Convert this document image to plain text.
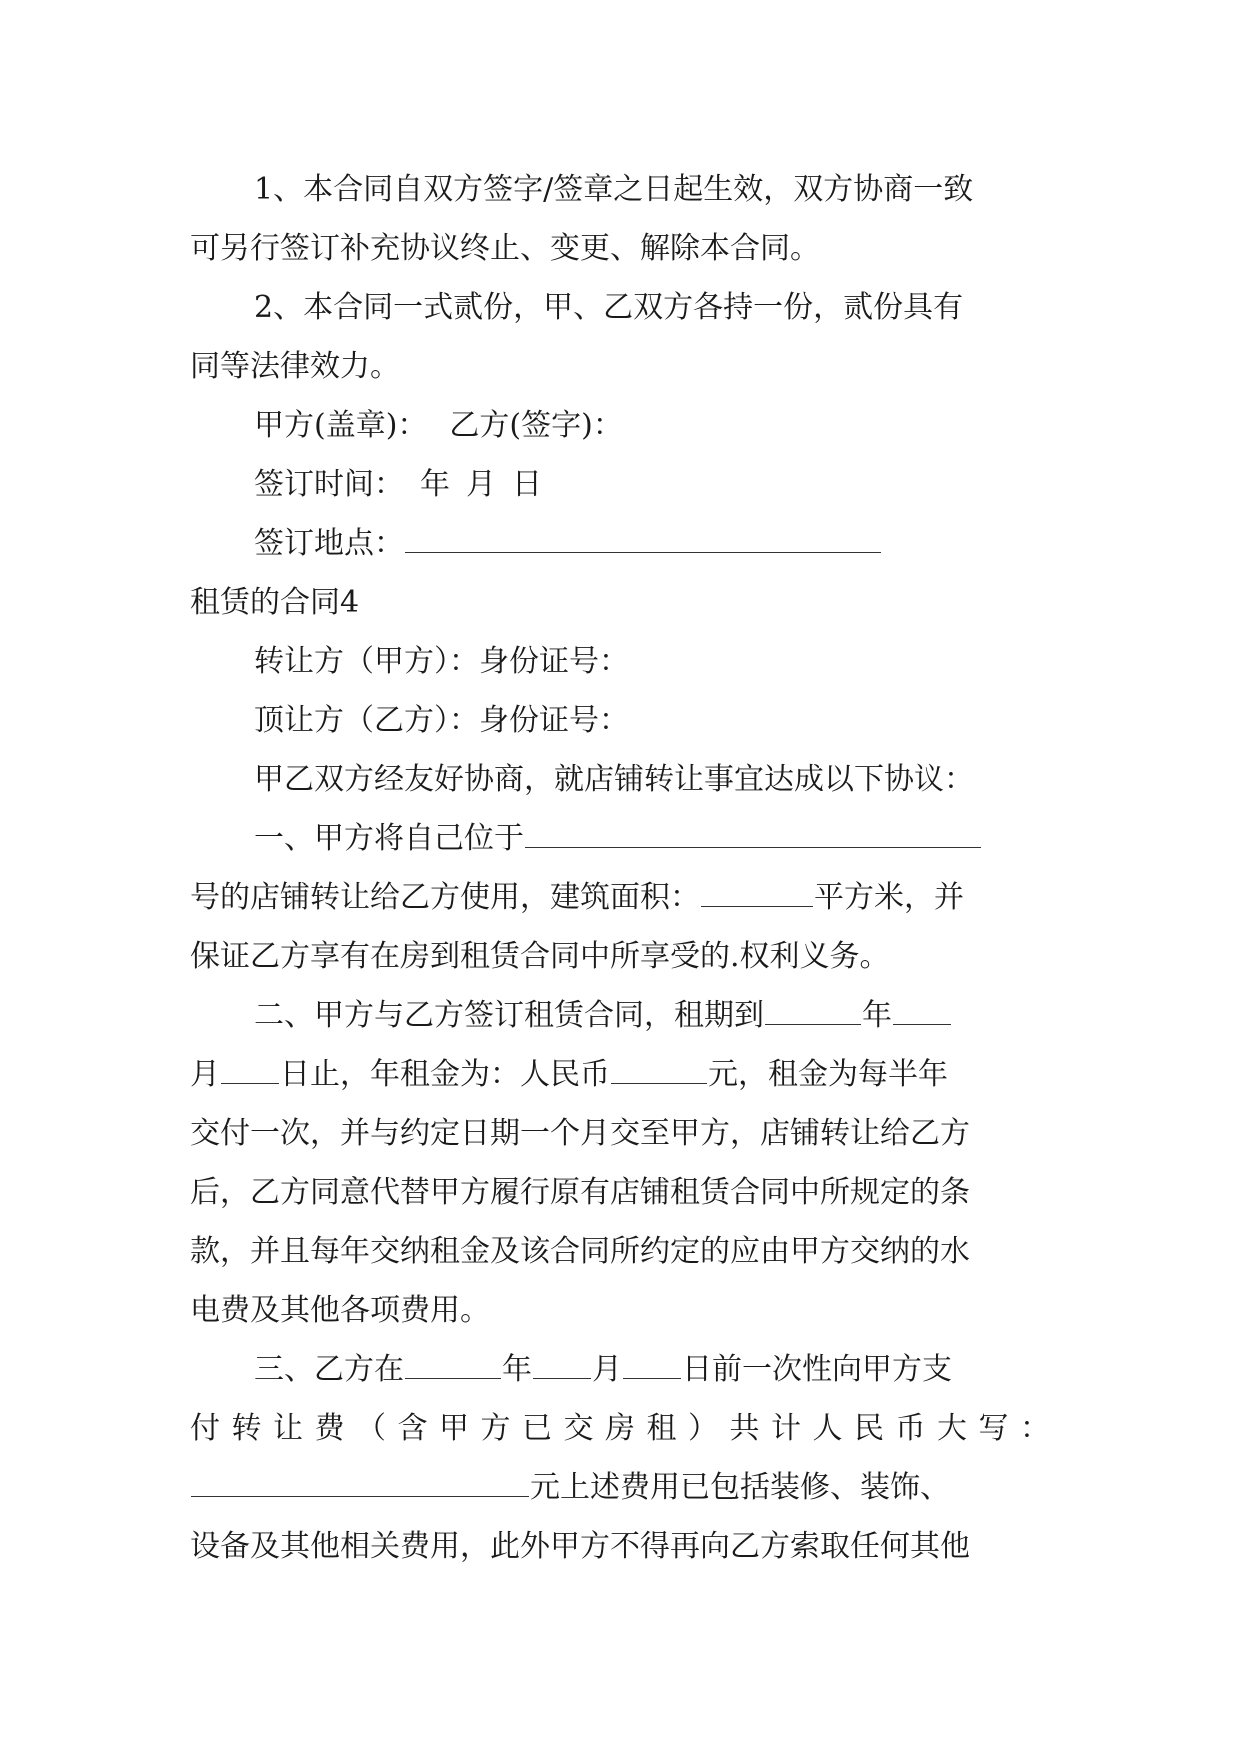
1、本合同自双方签字/签章之日起生效，双方协商一致
可另行签订补充协议终止、变更、解除本合同。
2、本合同一式贰份，甲、乙双方各持一份，贰份具有
同等法律效力。
甲方(盖章)： 乙方(签字)：
签订时间： 年 月 日
签订地点：
租赁的合同4
转让方（甲方）：身份证号：
顶让方（乙方）：身份证号：
甲乙双方经友好协商，就店铺转让事宜达成以下协议：
一、甲方将自己位于
号的店铺转让给乙方使用，建筑面积：	平方米，并
保证乙方享有在房到租赁合同中所享受的.权利义务。
二、甲方与乙方签订租赁合同，租期到	年
月 日止，年租金为：人民币	元，租金为每半年
交付一次，并与约定日期一个月交至甲方，店铺转让给乙方
后，乙方同意代替甲方履行原有店铺租赁合同中所规定的条
款，并且每年交纳租金及该合同所约定的应由甲方交纳的水
电费及其他各项费用。
三、乙方在	年 月 日前一次性向甲方支
付转让费（含甲方已交房租）共计人民币大写：
元上述费用已包括装修、装饰、
设备及其他相关费用，此外甲方不得再向乙方索取任何其他
